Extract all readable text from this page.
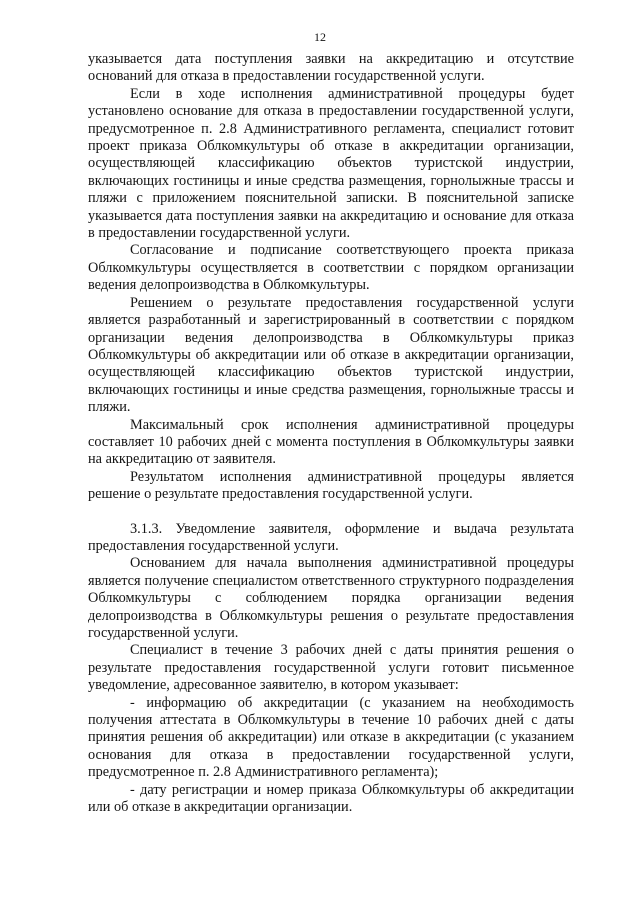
12

указывается дата поступления заявки на аккредитацию и отсутствие оснований для отказа в предоставлении государственной услуги.

Если в ходе исполнения административной процедуры будет установлено основание для отказа в предоставлении государственной услуги, предусмотренное п. 2.8 Административного регламента, специалист готовит проект приказа Облкомкультуры об отказе в аккредитации организации, осуществляющей классификацию объектов туристской индустрии, включающих гостиницы и иные средства размещения, горнолыжные трассы и пляжи с приложением пояснительной записки. В пояснительной записке указывается дата поступления заявки на аккредитацию и основание для отказа в предоставлении государственной услуги.

Согласование и подписание соответствующего проекта приказа Облкомкультуры осуществляется в соответствии с порядком организации ведения делопроизводства в Облкомкультуры.

Решением о результате предоставления государственной услуги является разработанный и зарегистрированный в соответствии с порядком организации ведения делопроизводства в Облкомкультуры приказ Облкомкультуры об аккредитации или об отказе в аккредитации организации, осуществляющей классификацию объектов туристской индустрии, включающих гостиницы и иные средства размещения, горнолыжные трассы и пляжи.

Максимальный срок исполнения административной процедуры составляет 10 рабочих дней с момента поступления в Облкомкультуры заявки на аккредитацию от заявителя.

Результатом исполнения административной процедуры является решение о результате предоставления государственной услуги.

3.1.3. Уведомление заявителя, оформление и выдача результата предоставления государственной услуги.

Основанием для начала выполнения административной процедуры является получение специалистом ответственного структурного подразделения Облкомкультуры с соблюдением порядка организации ведения делопроизводства в Облкомкультуры решения о результате предоставления государственной услуги.

Специалист в течение 3 рабочих дней с даты принятия решения о результате предоставления государственной услуги готовит письменное уведомление, адресованное заявителю, в котором указывает:

- информацию об аккредитации (с указанием на необходимость получения аттестата в Облкомкультуры в течение 10 рабочих дней с даты принятия решения об аккредитации) или отказе в аккредитации (с указанием основания для отказа в предоставлении государственной услуги, предусмотренное п. 2.8 Административного регламента);

- дату регистрации и номер приказа Облкомкультуры об аккредитации или об отказе в аккредитации организации.
